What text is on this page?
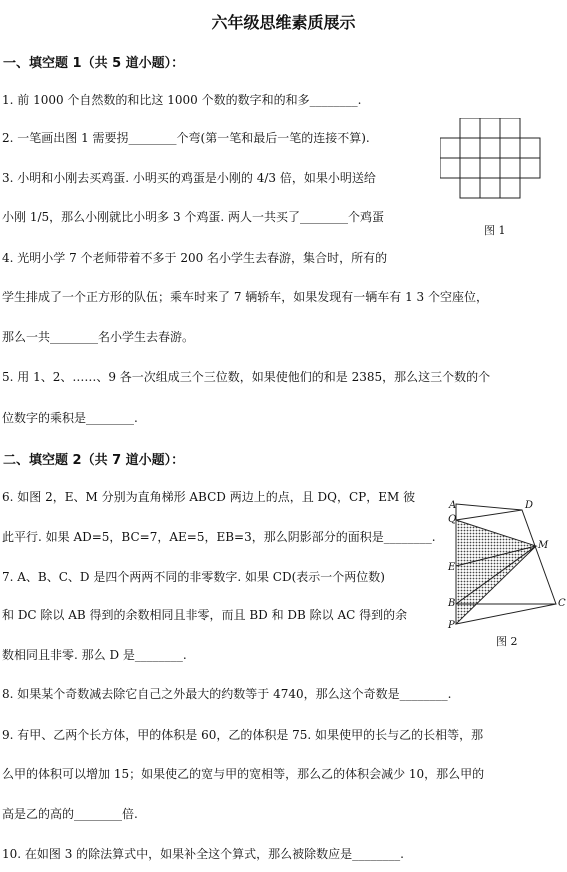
六年级思维素质展示
一、填空题 1（共 5 道小题）：
1. 前 1000 个自然数的和比这 1000 个数的数字和的和多________.
2. 一笔画出图 1 需要拐________个弯(第一笔和最后一笔的连接不算).
3. 小明和小刚去买鸡蛋. 小明买的鸡蛋是小刚的 4/3 倍，如果小明送给
小刚 1/5，那么小刚就比小明多 3 个鸡蛋. 两人一共买了________个鸡蛋
4. 光明小学 7 个老师带着不多于 200 名小学生去春游，集合时，所有的
学生排成了一个正方形的队伍；乘车时来了 7 辆轿车，如果发现有一辆车有 1 3 个空座位，
那么一共________名小学生去春游。
5. 用 1、2、……、9 各一次组成三个三位数，如果使他们的和是 2385，那么这三个数的个
位数字的乘积是________.
二、填空题 2（共 7 道小题）：
6. 如图 2，E、M 分别为直角梯形 ABCD 两边上的点，且 DQ，CP，EM 彼
此平行. 如果 AD=5，BC=7，AE=5，EB=3，那么阴影部分的面积是________.
7. A、B、C、D 是四个两两不同的非零数字. 如果 CD(表示一个两位数)
和 DC 除以 AB 得到的余数相同且非零，而且 BD 和 DB 除以 AC 得到的余
数相同且非零. 那么 D 是________.
8. 如果某个奇数减去除它自己之外最大的约数等于 4740，那么这个奇数是________.
9. 有甲、乙两个长方体，甲的体积是 60，乙的体积是 75. 如果使甲的长与乙的长相等，那
么甲的体积可以增加 15；如果使乙的宽与甲的宽相等，那么乙的体积会减少 10，那么甲的
高是乙的高的________倍.
10. 在如图 3 的除法算式中，如果补全这个算式，那么被除数应是________.
图 1
A	D
Q
M
E
B	C
P
图 2
